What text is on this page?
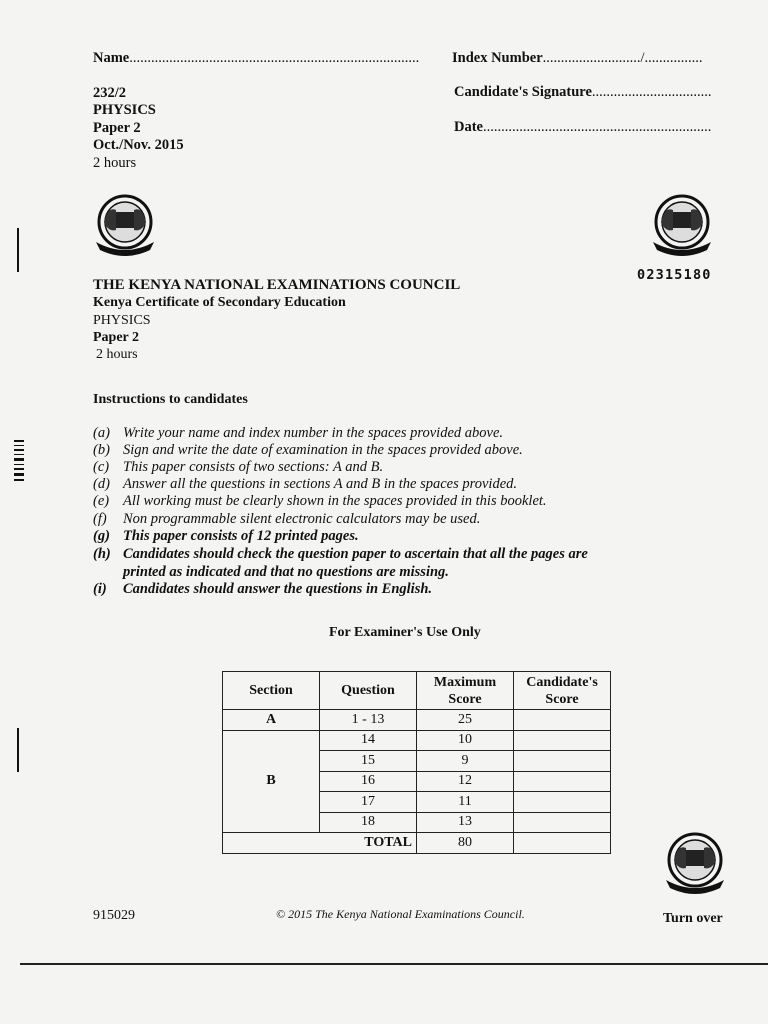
Name................................................................................ Index Number.........................../................
Candidate's Signature.................................
Date...............................................................
232/2
PHYSICS
Paper 2
Oct./Nov. 2015
2 hours
02315180
THE KENYA NATIONAL EXAMINATIONS COUNCIL
Kenya Certificate of Secondary Education
PHYSICS
Paper 2
2 hours
Instructions to candidates
(a) Write your name and index number in the spaces provided above.
(b) Sign and write the date of examination in the spaces provided above.
(c) This paper consists of two sections: A and B.
(d) Answer all the questions in sections A and B in the spaces provided.
(e) All working must be clearly shown in the spaces provided in this booklet.
(f) Non programmable silent electronic calculators may be used.
(g) This paper consists of 12 printed pages.
(h) Candidates should check the question paper to ascertain that all the pages are
printed as indicated and that no questions are missing.
(i) Candidates should answer the questions in English.
For Examiner's Use Only
Section	Question	Maximum Score	Candidate's Score
A	1 - 13	25	
B	14	10	
	15	9	
	16	12	
	17	11	
	18	13	
TOTAL		80	
915029	© 2015 The Kenya National Examinations Council.	Turn over
